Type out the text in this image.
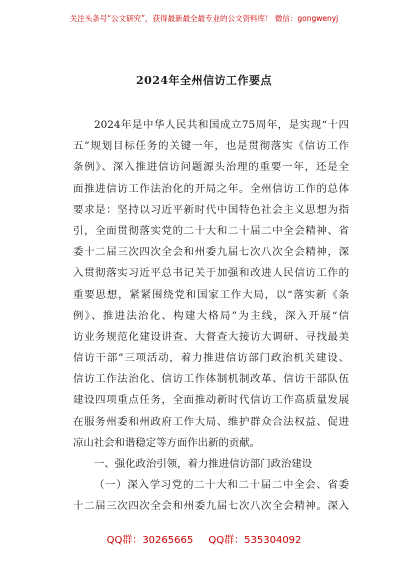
关注头条号“公文研究”，获得最新最全最专业的公文资料库！ 微信：gongwenyj
2024年全州信访工作要点
2024年是中华人民共和国成立75周年，是实现“十四
五”规划目标任务的关键一年，也是贯彻落实《信访工作
条例》、深入推进信访问题源头治理的重要一年，还是全
面推进信访工作法治化的开局之年。全州信访工作的总体
要求是：坚持以习近平新时代中国特色社会主义思想为指
引，全面贯彻落实党的二十大和二十届二中全会精神、省
委十二届三次四次全会和州委九届七次八次全会精神，深
入贯彻落实习近平总书记关于加强和改进人民信访工作的
重要思想，紧紧围绕党和国家工作大局，以“落实新《条
例》、推进法治化、构建大格局”为主线，深入开展“信
访业务规范化建设讲查、大督查大接访大调研、寻找最美
信访干部”三项活动，着力推进信访部门政治机关建设、
信访工作法治化、信访工作体制机制改革、信访干部队伍
建设四项重点任务，全面推动新时代信访工作高质量发展
在服务州委和州政府工作大局、维护群众合法权益、促进
凉山社会和谐稳定等方面作出新的贡献。
一、强化政治引领，着力推进信访部门政治建设
（一）深入学习党的二十大和二十届二中全会、省委
十二届三次四次全会和州委九届七次八次全会精神。深入
QQ群：30265665 QQ群：535304092
